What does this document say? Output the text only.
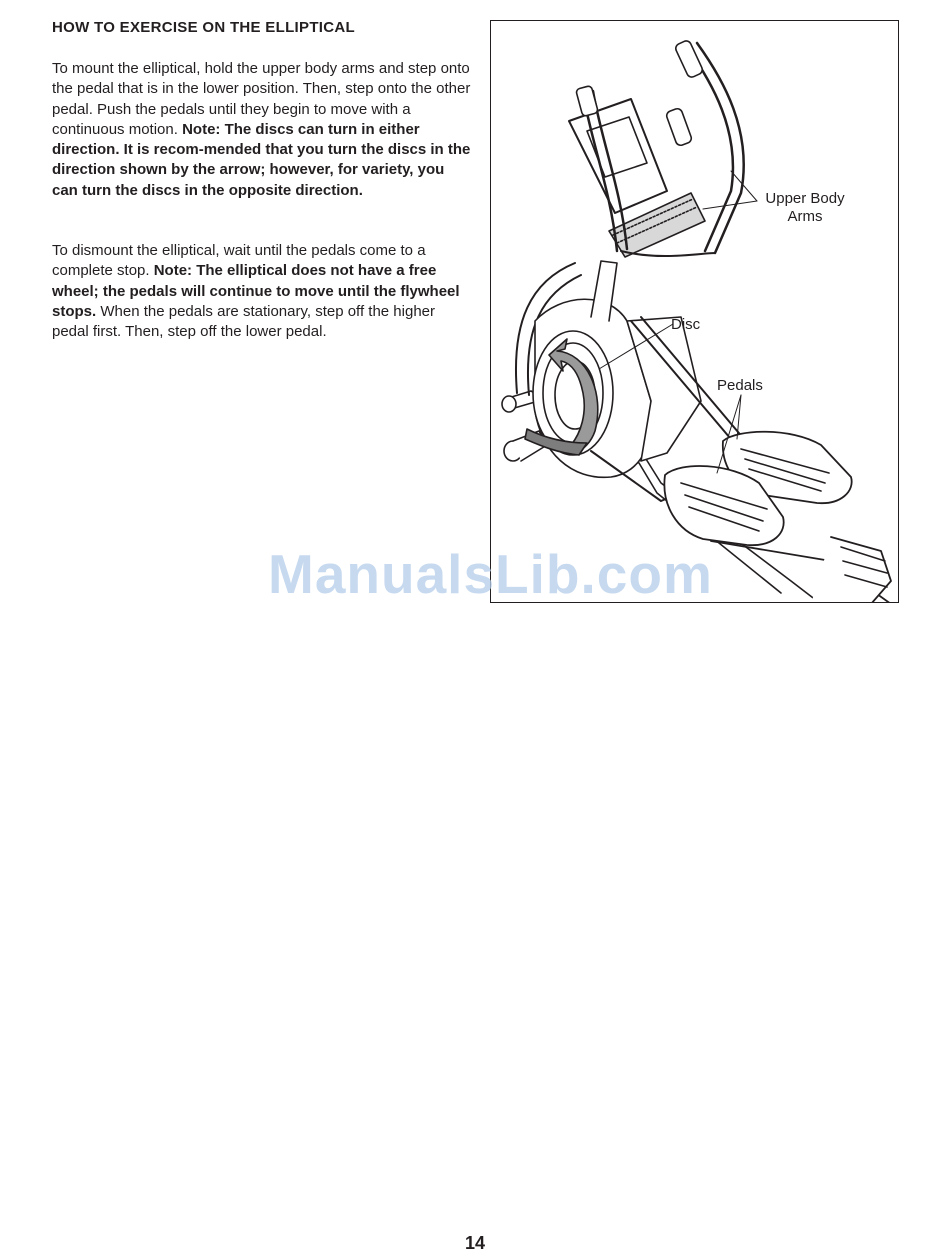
HOW TO EXERCISE ON THE ELLIPTICAL

To mount the elliptical, hold the upper body arms and step onto the pedal that is in the lower position. Then, step onto the other pedal. Push the pedals until they begin to move with a continuous motion. Note: The discs can turn in either direction. It is recom-mended that you turn the discs in the direction shown by the arrow; however, for variety, you can turn the discs in the opposite direction.

To dismount the elliptical, wait until the pedals come to a complete stop. Note: The elliptical does not have a free wheel; the pedals will continue to move until the flywheel stops. When the pedals are stationary, step off the higher pedal first. Then, step off the lower pedal.

Upper Body
Arms
Disc
Pedals
ManualsLib.com
14
